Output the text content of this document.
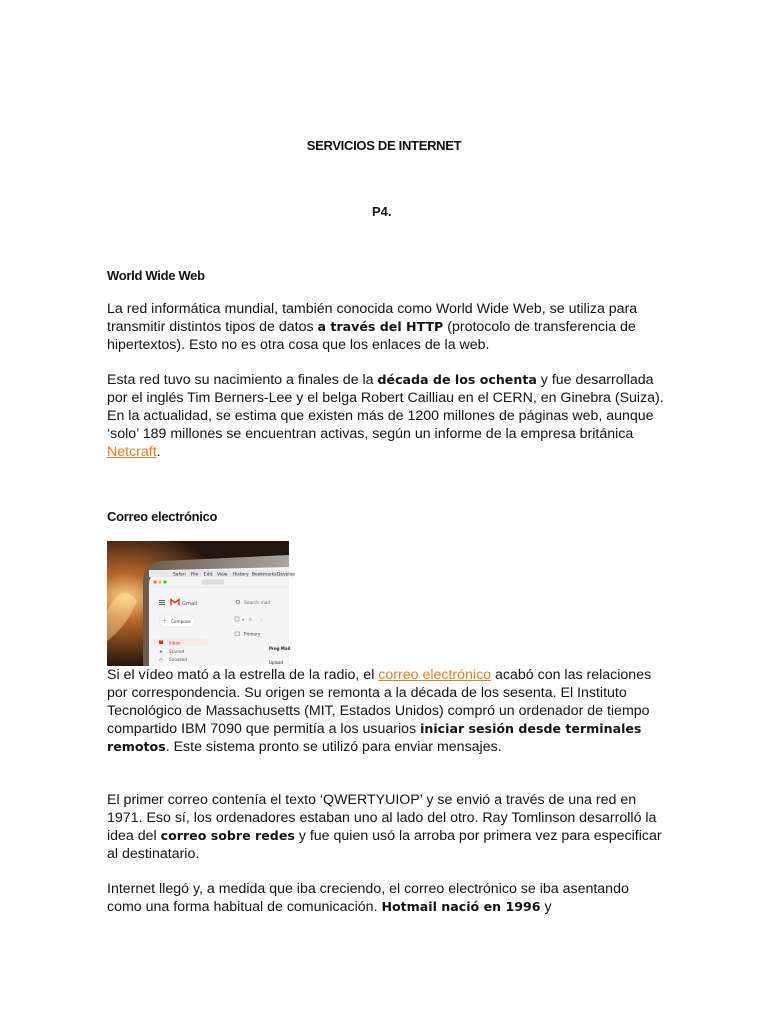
SERVICIOS DE INTERNET
P4.
World Wide Web

La red informática mundial, también conocida como World Wide Web, se utiliza para transmitir distintos tipos de datos a través del HTTP (protocolo de transferencia de hipertextos). Esto no es otra cosa que los enlaces de la web.

Esta red tuvo su nacimiento a finales de la década de los ochenta y fue desarrollada por el inglés Tim Berners-Lee y el belga Robert Cailliau en el CERN, en Ginebra (Suiza). En la actualidad, se estima que existen más de 1200 millones de páginas web, aunque ‘solo’ 189 millones se encuentran activas, según un informe de la empresa británica Netcraft.

Correo electrónico
Safari File Edit View History Bookmarks Develop
Gmail	Search mail
+ Compose	▾ ↻ ⋮
Primary
Inbox
★ Starred
◷ Snoozed
Prog Mail
Upload

Si el vídeo mató a la estrella de la radio, el correo electrónico acabó con las relaciones por correspondencia. Su origen se remonta a la década de los sesenta. El Instituto Tecnológico de Massachusetts (MIT, Estados Unidos) compró un ordenador de tiempo compartido IBM 7090 que permitía a los usuarios iniciar sesión desde terminales remotos. Este sistema pronto se utilizó para enviar mensajes.

El primer correo contenía el texto ‘QWERTYUIOP’ y se envió a través de una red en 1971. Eso sí, los ordenadores estaban uno al lado del otro. Ray Tomlinson desarrolló la idea del correo sobre redes y fue quien usó la arroba por primera vez para especificar al destinatario.

Internet llegó y, a medida que iba creciendo, el correo electrónico se iba asentando como una forma habitual de comunicación. Hotmail nació en 1996 y
